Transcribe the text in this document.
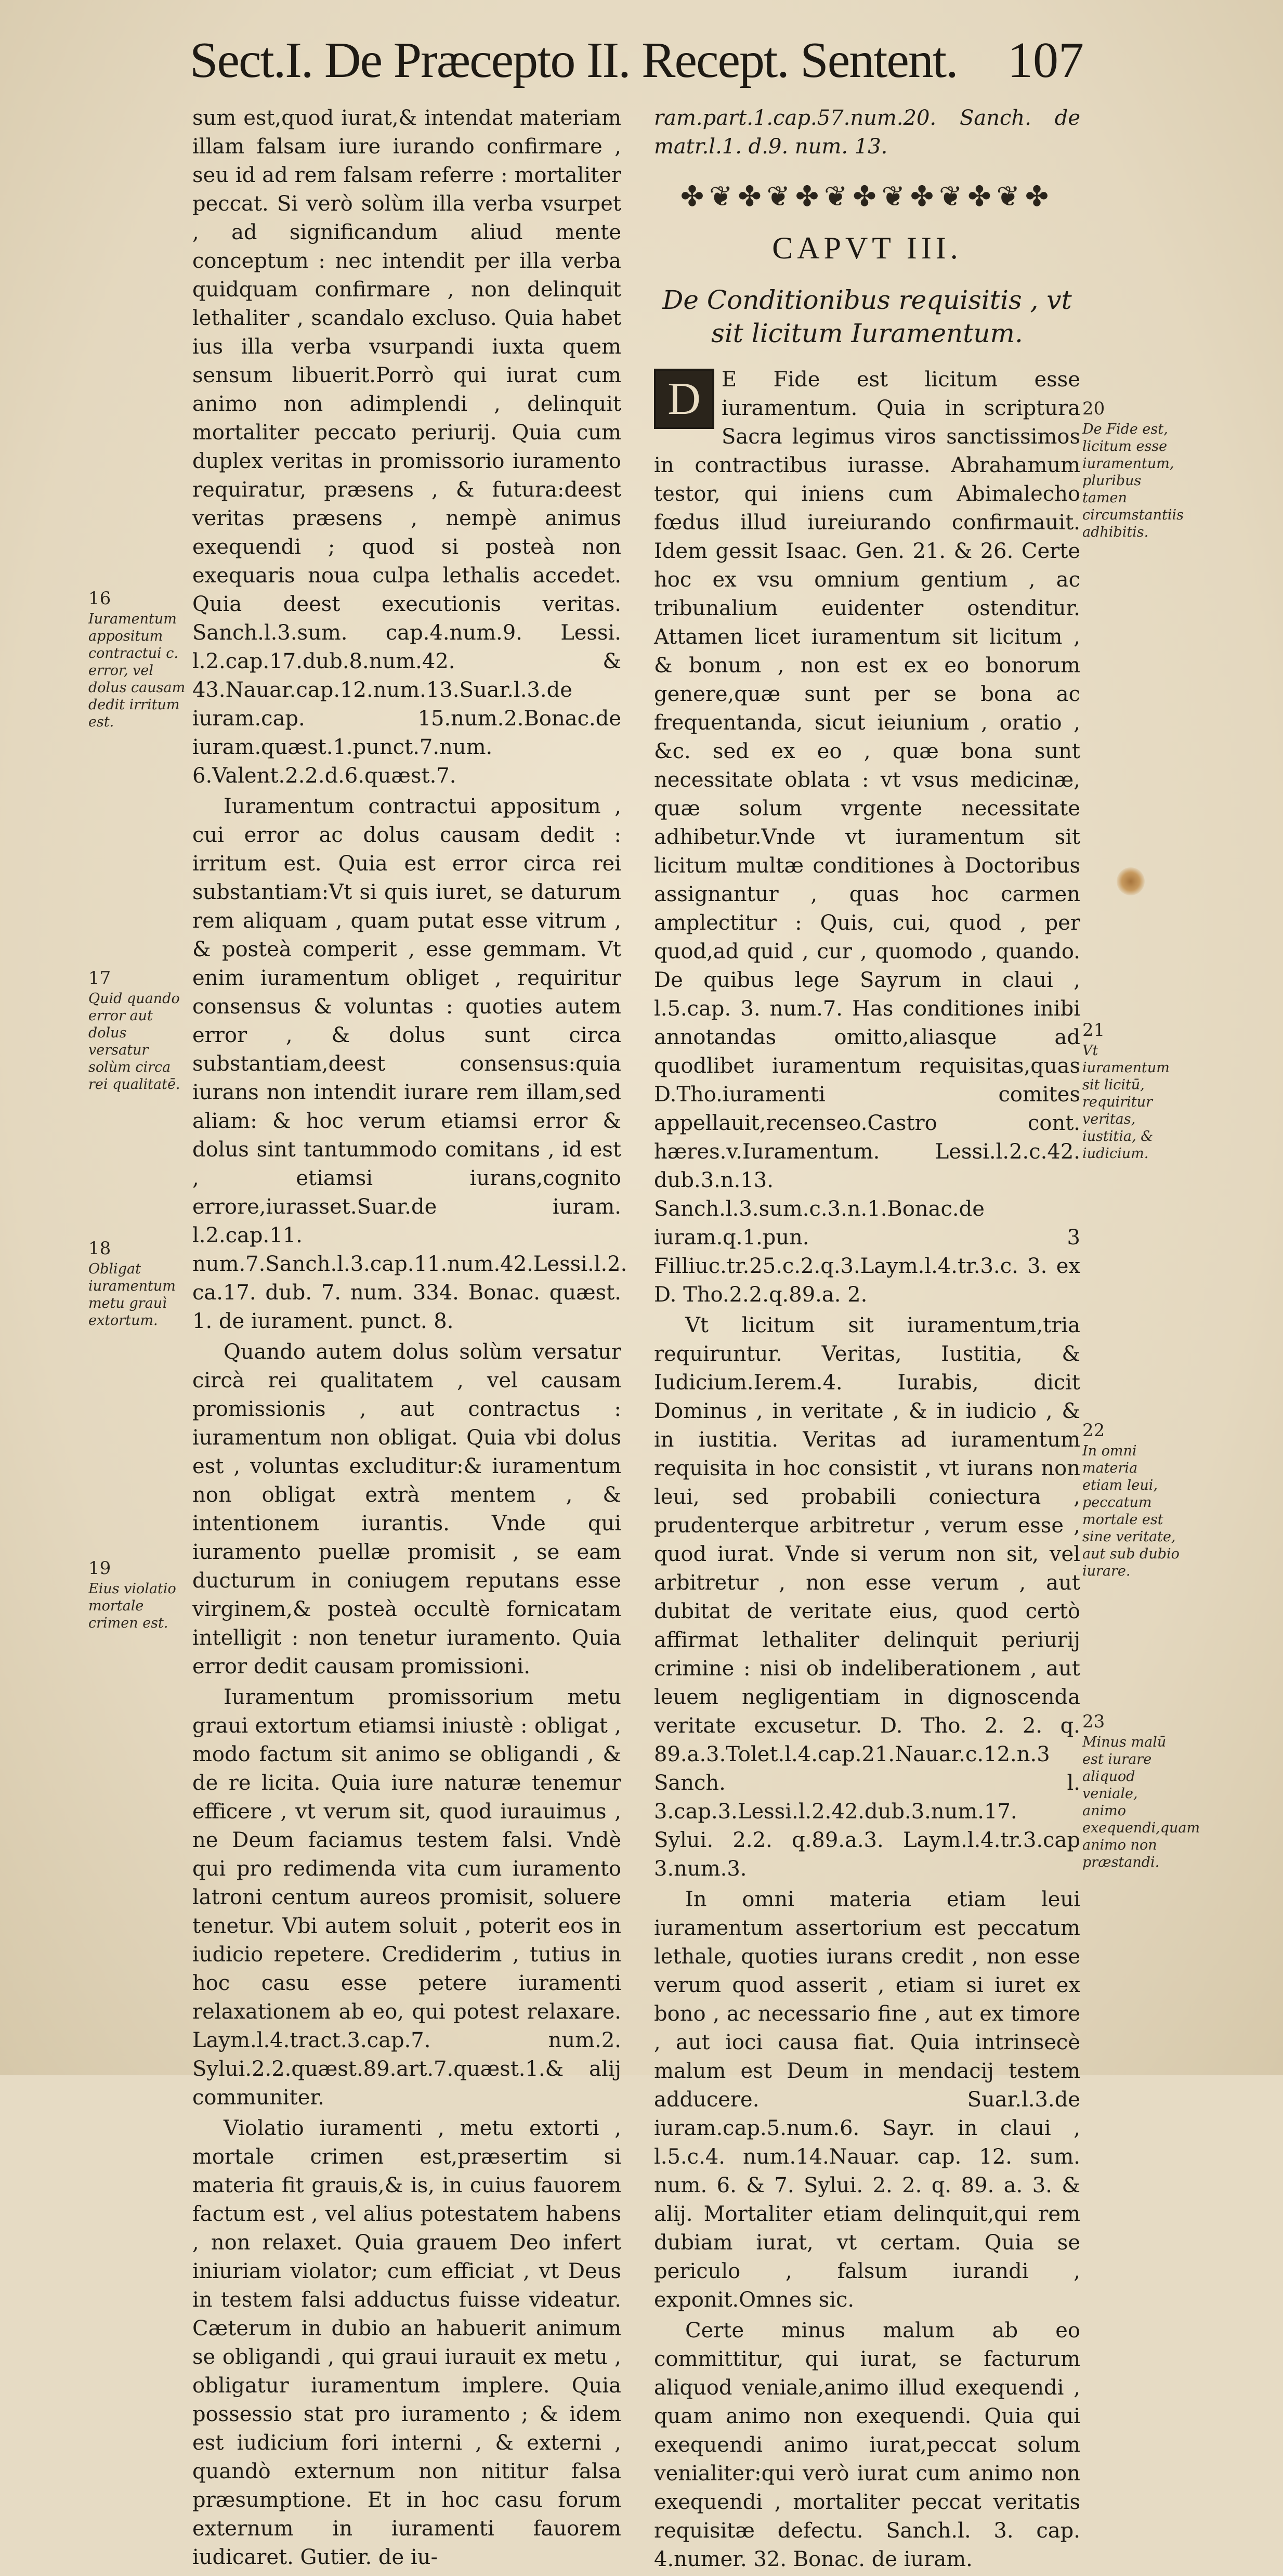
Sect.I. De Præcepto II. Recept. Sentent. 107

sum est,quod iurat,& intendat materiam illam falsam iure iurando confirmare , seu id ad rem falsam referre : mortaliter peccat. Si verò solùm illa verba vsurpet , ad significandum aliud mente conceptum : nec intendit per illa verba quidquam confirmare , non delinquit lethaliter , scandalo excluso. Quia habet ius illa verba vsurpandi iuxta quem sensum libuerit.Porrò qui iurat cum animo non adimplendi , delinquit mortaliter peccato periurij. Quia cum duplex veritas in promissorio iuramento requiratur, præsens , & futura:deest veritas præsens , nempè animus exequendi ; quod si posteà non exequaris noua culpa lethalis accedet. Quia deest executionis veritas. Sanch.l.3.sum. cap.4.num.9. Lessi. l.2.cap.17.dub.8.num.42. & 43.Nauar.cap.12.num.13.Suar.l.3.de iuram.cap. 15.num.2.Bonac.de iuram.quæst.1.punct.7.num. 6.Valent.2.2.d.6.quæst.7.

Iuramentum contractui appositum , cui error ac dolus causam dedit : irritum est. Quia est error circa rei substantiam:Vt si quis iuret, se daturum rem aliquam , quam putat esse vitrum , & posteà comperit , esse gemmam. Vt enim iuramentum obliget , requiritur consensus & voluntas : quoties autem error , & dolus sunt circa substantiam,deest consensus:quia iurans non intendit iurare rem illam,sed aliam: & hoc verum etiamsi error & dolus sint tantummodo comitans , id est , etiamsi iurans,cognito errore,iurasset.Suar.de iuram. l.2.cap.11. num.7.Sanch.l.3.cap.11.num.42.Lessi.l.2. ca.17. dub. 7. num. 334. Bonac. quæst. 1. de iurament. punct. 8.

Quando autem dolus solùm versatur circà rei qualitatem , vel causam promissionis , aut contractus : iuramentum non obligat. Quia vbi dolus est , voluntas excluditur:& iuramentum non obligat extrà mentem , & intentionem iurantis. Vnde qui iuramento puellæ promisit , se eam ducturum in coniugem reputans esse virginem,& posteà occultè fornicatam intelligit : non tenetur iuramento. Quia error dedit causam promissioni.

Iuramentum promissorium metu graui extortum etiamsi iniustè : obligat , modo factum sit animo se obligandi , & de re licita. Quia iure naturæ tenemur efficere , vt verum sit, quod iurauimus , ne Deum faciamus testem falsi. Vndè qui pro redimenda vita cum iuramento latroni centum aureos promisit, soluere tenetur. Vbi autem soluit , poterit eos in iudicio repetere. Crediderim , tutius in hoc casu esse petere iuramenti relaxationem ab eo, qui potest relaxare. Laym.l.4.tract.3.cap.7. num.2. Sylui.2.2.quæst.89.art.7.quæst.1.& alij communiter.

Violatio iuramenti , metu extorti , mortale crimen est,præsertim si materia fit grauis,& is, in cuius fauorem factum est , vel alius potestatem habens , non relaxet. Quia grauem Deo infert iniuriam violator; cum efficiat , vt Deus in testem falsi adductus fuisse videatur. Cæterum in dubio an habuerit animum se obligandi , qui graui iurauit ex metu , obligatur iuramentum implere. Quia possessio stat pro iuramento ; & idem est iudicium fori interni , & externi , quandò externum non nititur falsa præsumptione. Et in hoc casu forum externum in iuramenti fauorem iudicaret. Gutier. de iu-

ram.part.1.cap.57.num.20. Sanch. de matr.l.1. d.9. num. 13.

✤❦✤❦✤❦✤❦✤❦✤❦✤
CAPVT III.
De Conditionibus requisitis , vt sit licitum Iuramentum.

D	E Fide est licitum esse iuramentum. Quia in scriptura Sacra legimus viros sanctissimos in contractibus iurasse. Abrahamum testor, qui iniens cum Abimalecho fœdus illud iureiurando confirmauit. Idem gessit Isaac. Gen. 21. & 26. Certe hoc ex vsu omnium gentium , ac tribunalium euidenter ostenditur. Attamen licet iuramentum sit licitum , & bonum , non est ex eo bonorum genere,quæ sunt per se bona ac frequentanda, sicut ieiunium , oratio , &c. sed ex eo , quæ bona sunt necessitate oblata : vt vsus medicinæ, quæ solum vrgente necessitate adhibetur.Vnde vt iuramentum sit licitum multæ conditiones à Doctoribus assignantur , quas hoc carmen amplectitur : Quis, cui, quod , per quod,ad quid , cur , quomodo , quando. De quibus lege Sayrum in claui , l.5.cap. 3. num.7. Has conditiones inibi annotandas omitto,aliasque ad quodlibet iuramentum requisitas,quas D.Tho.iuramenti comites appellauit,recenseo.Castro cont. hæres.v.Iuramentum. Lessi.l.2.c.42. dub.3.n.13. Sanch.l.3.sum.c.3.n.1.Bonac.de iuram.q.1.pun. 3 Filliuc.tr.25.c.2.q.3.Laym.l.4.tr.3.c. 3. ex D. Tho.2.2.q.89.a. 2.

Vt licitum sit iuramentum,tria requiruntur. Veritas, Iustitia, & Iudicium.Ierem.4. Iurabis, dicit Dominus , in veritate , & in iudicio , & in iustitia. Veritas ad iuramentum requisita in hoc consistit , vt iurans non leui, sed probabili coniectura , prudenterque arbitretur , verum esse , quod iurat. Vnde si verum non sit, vel arbitretur , non esse verum , aut dubitat de veritate eius, quod certò affirmat lethaliter delinquit periurij crimine : nisi ob indeliberationem , aut leuem negligentiam in dignoscenda veritate excusetur. D. Tho. 2. 2. q. 89.a.3.Tolet.l.4.cap.21.Nauar.c.12.n.3 Sanch. l. 3.cap.3.Lessi.l.2.42.dub.3.num.17. Sylui. 2.2. q.89.a.3. Laym.l.4.tr.3.cap 3.num.3.

In omni materia etiam leui iuramentum assertorium est peccatum lethale, quoties iurans credit , non esse verum quod asserit , etiam si iuret ex bono , ac necessario fine , aut ex timore , aut ioci causa fiat. Quia intrinsecè malum est Deum in mendacij testem adducere. Suar.l.3.de iuram.cap.5.num.6. Sayr. in claui , l.5.c.4. num.14.Nauar. cap. 12. sum. num. 6. & 7. Sylui. 2. 2. q. 89. a. 3. & alij. Mortaliter etiam delinquit,qui rem dubiam iurat, vt certam. Quia se periculo , falsum iurandi , exponit.Omnes sic.

Certe minus malum ab eo committitur, qui iurat, se facturum aliquod veniale,animo illud exequendi , quam animo non exequendi. Quia qui exequendi animo iurat,peccat solum venialiter:qui verò iurat cum animo non exequendi , mortaliter peccat veritatis requisitæ defectu. Sanch.l. 3. cap. 4.numer. 32. Bonac. de iuram.

16
Iuramentum appositum contractui c. error, vel dolus causam dedit irritum est.
17
Quid quando error aut dolus versatur solùm circa rei qualitatē.
18
Obligat iuramentum metu grauì extortum.
19
Eius violatio mortale crimen est.
20
De Fide est, licitum esse iuramentum, pluribus tamen circumstantiis adhibitis.
21
Vt iuramentum sit licitū, requiritur veritas, iustitia, & iudicium.
22
In omni materia etiam leui, peccatum mortale est sine veritate, aut sub dubio iurare.
23
Minus malū est iurare aliquod veniale, animo exequendi,quam animo non præstandi.
